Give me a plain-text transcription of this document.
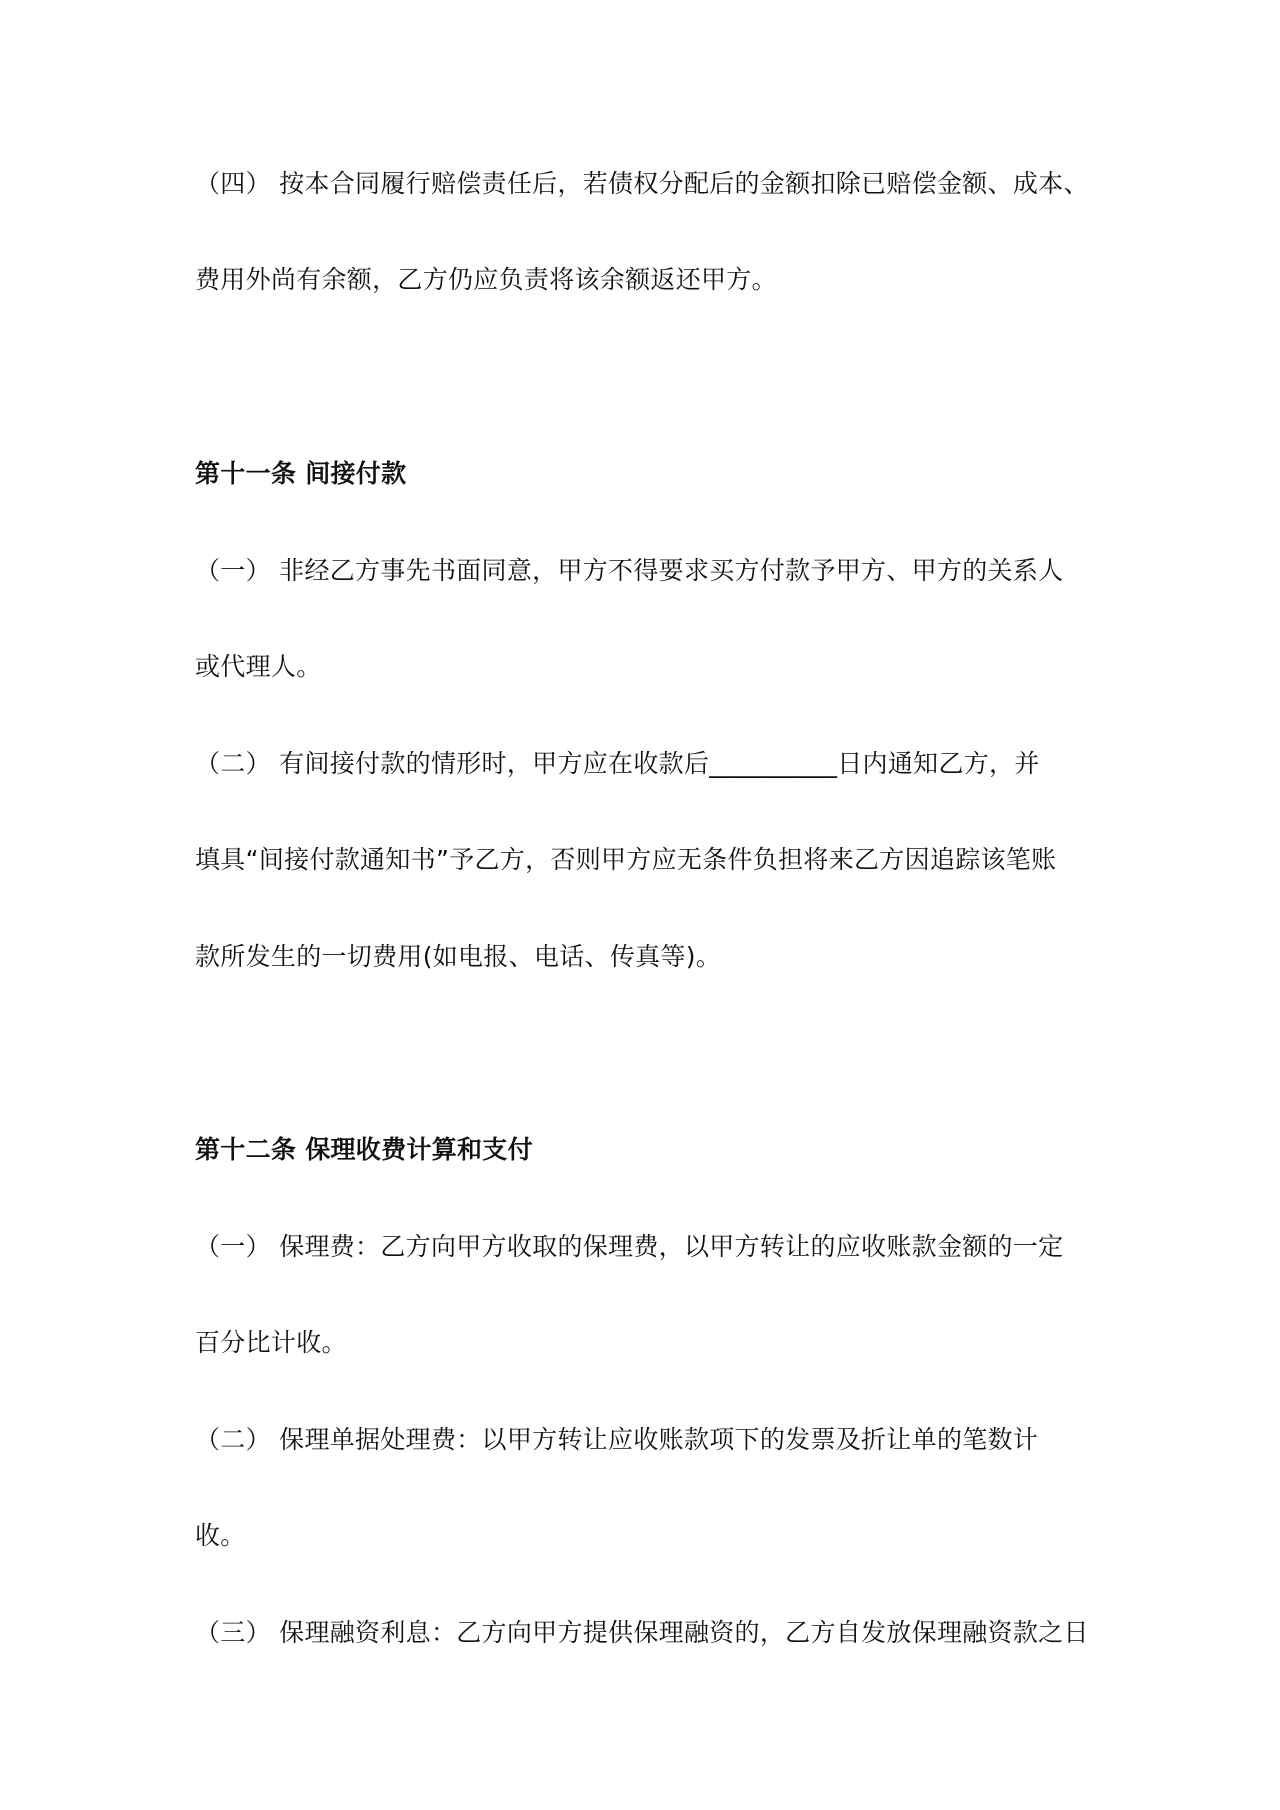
（四） 按本合同履行赔偿责任后，若债权分配后的金额扣除已赔偿金额、成本、
费用外尚有余额，乙方仍应负责将该余额返还甲方。
第十一条 间接付款
（一） 非经乙方事先书面同意，甲方不得要求买方付款予甲方、甲方的关系人
或代理人。
（二） 有间接付款的情形时，甲方应在收款后__________日内通知乙方，并
填具“间接付款通知书”予乙方，否则甲方应无条件负担将来乙方因追踪该笔账
款所发生的一切费用(如电报、电话、传真等)。
第十二条 保理收费计算和支付
（一） 保理费：乙方向甲方收取的保理费，以甲方转让的应收账款金额的一定
百分比计收。
（二） 保理单据处理费：以甲方转让应收账款项下的发票及折让单的笔数计
收。
（三） 保理融资利息：乙方向甲方提供保理融资的，乙方自发放保理融资款之日
